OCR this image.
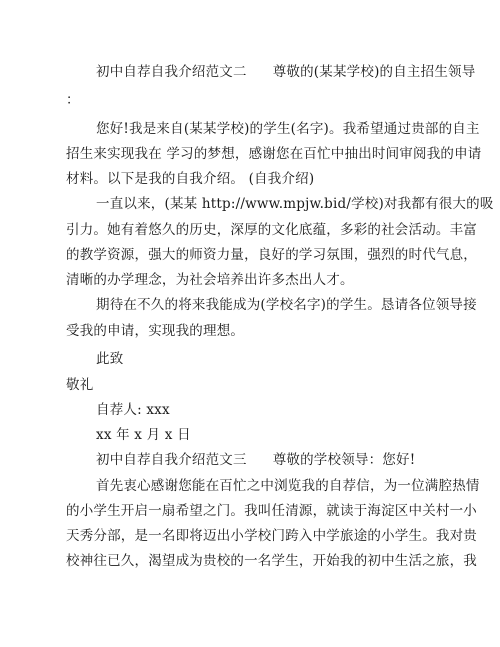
初中自荐自我介绍范文二 尊敬的(某某学校)的自主招生领导
：
您好!我是来自(某某学校)的学生(名字)。我希望通过贵部的自主
招生来实现我在 学习的梦想，感谢您在百忙中抽出时间审阅我的申请
材料。以下是我的自我介绍。 (自我介绍)
一直以来，(某某 http://www.mpjw.bid/学校)对我都有很大的吸
引力。她有着悠久的历史，深厚的文化底蕴，多彩的社会活动。丰富
的教学资源，强大的师资力量，良好的学习氛围，强烈的时代气息，
清晰的办学理念，为社会培养出许多杰出人才。
期待在不久的将来我能成为(学校名字)的学生。恳请各位领导接
受我的申请，实现我的理想。
此致
敬礼
自荐人: xxx
xx 年 x 月 x 日
初中自荐自我介绍范文三 尊敬的学校领导：您好!
首先衷心感谢您能在百忙之中浏览我的自荐信，为一位满腔热情
的小学生开启一扇希望之门。我叫任清源，就读于海淀区中关村一小
天秀分部，是一名即将迈出小学校门跨入中学旅途的小学生。我对贵
校神往已久，渴望成为贵校的一名学生，开始我的初中生活之旅，我
